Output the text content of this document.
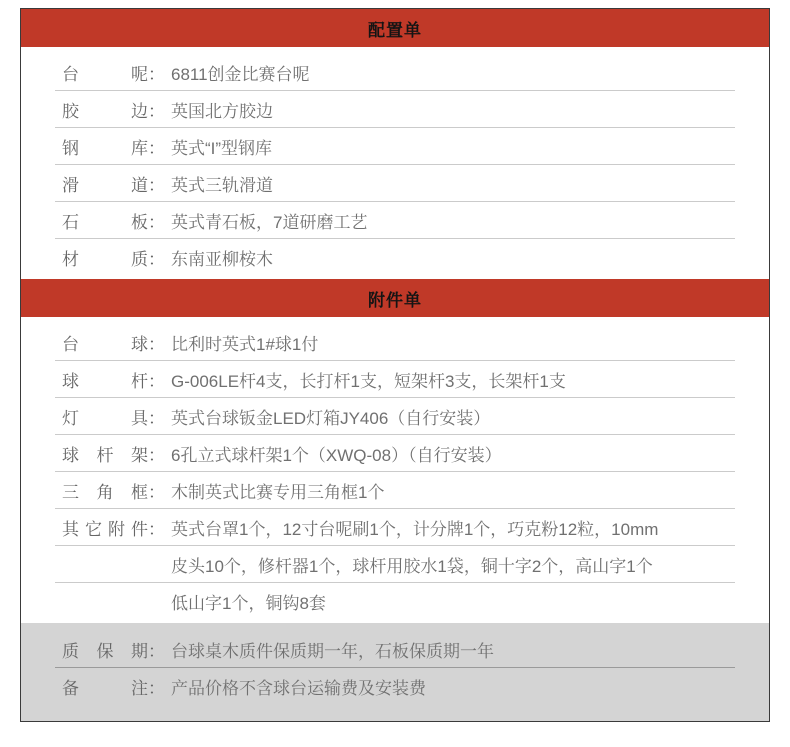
配置单
台	呢 ： 6811创金比赛台呢
胶	边 ： 英国北方胶边
钢	库 ： 英式“I”型钢库
滑	道 ： 英式三轨滑道
石	板 ： 英式青石板，7道研磨工艺
材	质 ： 东南亚柳桉木
附件单
台	球 ： 比利时英式1#球1付
球	杆 ： G-006LE杆4支，长打杆1支，短架杆3支，长架杆1支
灯	具 ： 英式台球钣金LED灯箱JY406（自行安装）
球 杆 架 ： 6孔立式球杆架1个（XWQ-08）（自行安装）
三 角 框 ： 木制英式比赛专用三角框1个
其 它 附 件 ： 英式台罩1个，12寸台呢刷1个，计分牌1个，巧克粉12粒，10mm
皮头10个，修杆器1个，球杆用胶水1袋，铜十字2个，高山字1个
低山字1个，铜钩8套
质 保 期 ： 台球桌木质件保质期一年，石板保质期一年
备	注 ： 产品价格不含球台运输费及安装费
